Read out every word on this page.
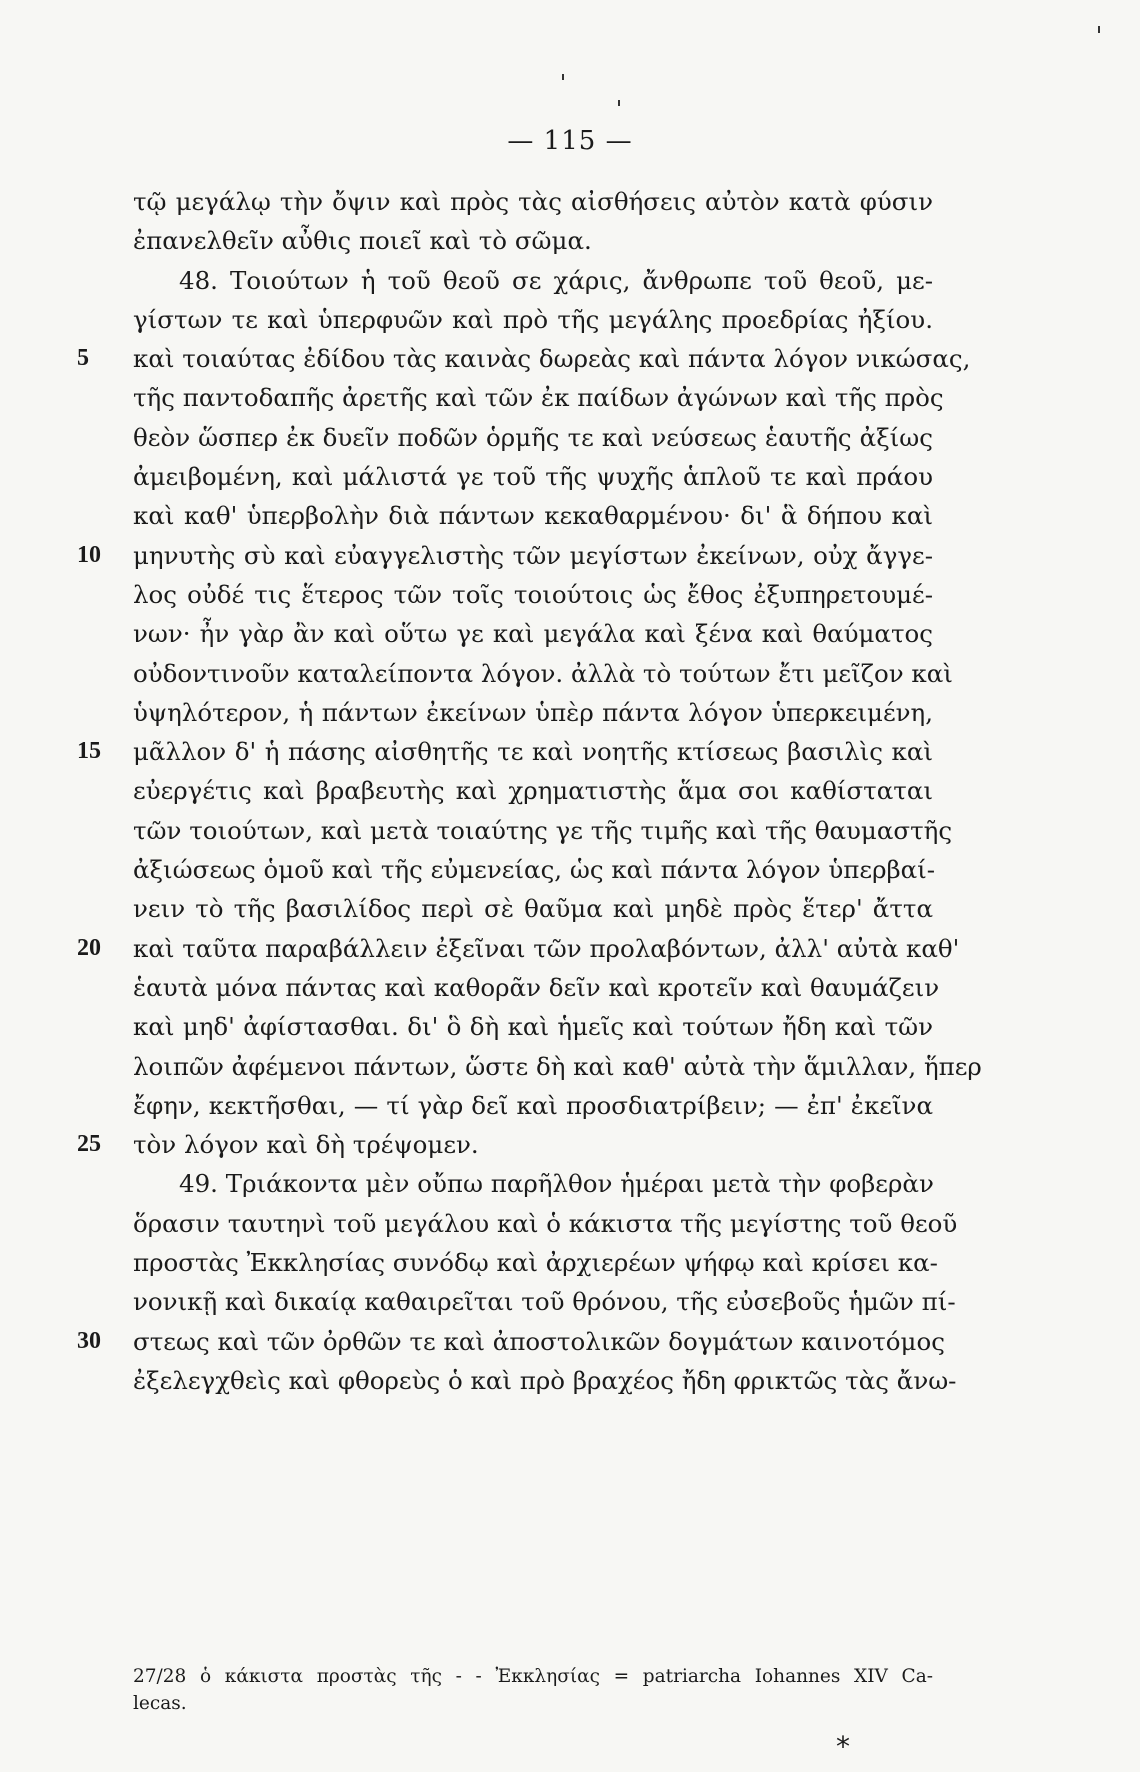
— 115 —
τῷ μεγάλῳ τὴν ὄψιν καὶ πρὸς τὰς αἰσθήσεις αὐτὸν κατὰ φύσιν
ἐπανελθεῖν αὖθις ποιεῖ καὶ τὸ σῶμα.
48. Τοιούτων ἡ τοῦ θεοῦ σε χάρις, ἄνθρωπε τοῦ θεοῦ, με-
γίστων τε καὶ ὑπερφυῶν καὶ πρὸ τῆς μεγάλης προεδρίας ἠξίου.
5	καὶ τοιαύτας ἐδίδου τὰς καινὰς δωρεὰς καὶ πάντα λόγον νικώσας,
τῆς παντοδαπῆς ἀρετῆς καὶ τῶν ἐκ παίδων ἀγώνων καὶ τῆς πρὸς
θεὸν ὥσπερ ἐκ δυεῖν ποδῶν ὁρμῆς τε καὶ νεύσεως ἑαυτῆς ἀξίως
ἀμειβομένη, καὶ μάλιστά γε τοῦ τῆς ψυχῆς ἁπλοῦ τε καὶ πράου
καὶ καθ' ὑπερβολὴν διὰ πάντων κεκαθαρμένου· δι' ἃ δήπου καὶ
10	μηνυτὴς σὺ καὶ εὐαγγελιστὴς τῶν μεγίστων ἐκείνων, οὐχ ἄγγε-
λος οὐδέ τις ἕτερος τῶν τοῖς τοιούτοις ὡς ἔθος ἐξυπηρετουμέ-
νων· ἦν γὰρ ἂν καὶ οὕτω γε καὶ μεγάλα καὶ ξένα καὶ θαύματος
οὐδοντινοῦν καταλείποντα λόγον. ἀλλὰ τὸ τούτων ἔτι μεῖζον καὶ
ὑψηλότερον, ἡ πάντων ἐκείνων ὑπὲρ πάντα λόγον ὑπερκειμένη,
15	μᾶλλον δ' ἡ πάσης αἰσθητῆς τε καὶ νοητῆς κτίσεως βασιλὶς καὶ
εὐεργέτις καὶ βραβευτὴς καὶ χρηματιστὴς ἅμα σοι καθίσταται
τῶν τοιούτων, καὶ μετὰ τοιαύτης γε τῆς τιμῆς καὶ τῆς θαυμαστῆς
ἀξιώσεως ὁμοῦ καὶ τῆς εὐμενείας, ὡς καὶ πάντα λόγον ὑπερβαί-
νειν τὸ τῆς βασιλίδος περὶ σὲ θαῦμα καὶ μηδὲ πρὸς ἕτερ' ἄττα
20	καὶ ταῦτα παραβάλλειν ἐξεῖναι τῶν προλαβόντων, ἀλλ' αὐτὰ καθ'
ἑαυτὰ μόνα πάντας καὶ καθορᾶν δεῖν καὶ κροτεῖν καὶ θαυμάζειν
καὶ μηδ' ἀφίστασθαι. δι' ὃ δὴ καὶ ἡμεῖς καὶ τούτων ἤδη καὶ τῶν
λοιπῶν ἀφέμενοι πάντων, ὥστε δὴ καὶ καθ' αὐτὰ τὴν ἅμιλλαν, ἥπερ
ἔφην, κεκτῆσθαι, — τί γὰρ δεῖ καὶ προσδιατρίβειν; — ἐπ' ἐκεῖνα
25	τὸν λόγον καὶ δὴ τρέψομεν.
49. Τριάκοντα μὲν οὔπω παρῆλθον ἡμέραι μετὰ τὴν φοβερὰν
ὅρασιν ταυτηνὶ τοῦ μεγάλου καὶ ὁ κάκιστα τῆς μεγίστης τοῦ θεοῦ
προστὰς Ἐκκλησίας συνόδῳ καὶ ἀρχιερέων ψήφῳ καὶ κρίσει κα-
νονικῇ καὶ δικαίᾳ καθαιρεῖται τοῦ θρόνου, τῆς εὐσεβοῦς ἡμῶν πί-
30	στεως καὶ τῶν ὀρθῶν τε καὶ ἀποστολικῶν δογμάτων καινοτόμος
ἐξελεγχθεὶς καὶ φθορεὺς ὁ καὶ πρὸ βραχέος ἤδη φρικτῶς τὰς ἄνω-
27/28 ὁ κάκιστα προστὰς τῆς - - Ἐκκλησίας = patriarcha Iohannes XIV Ca-
lecas.
*
